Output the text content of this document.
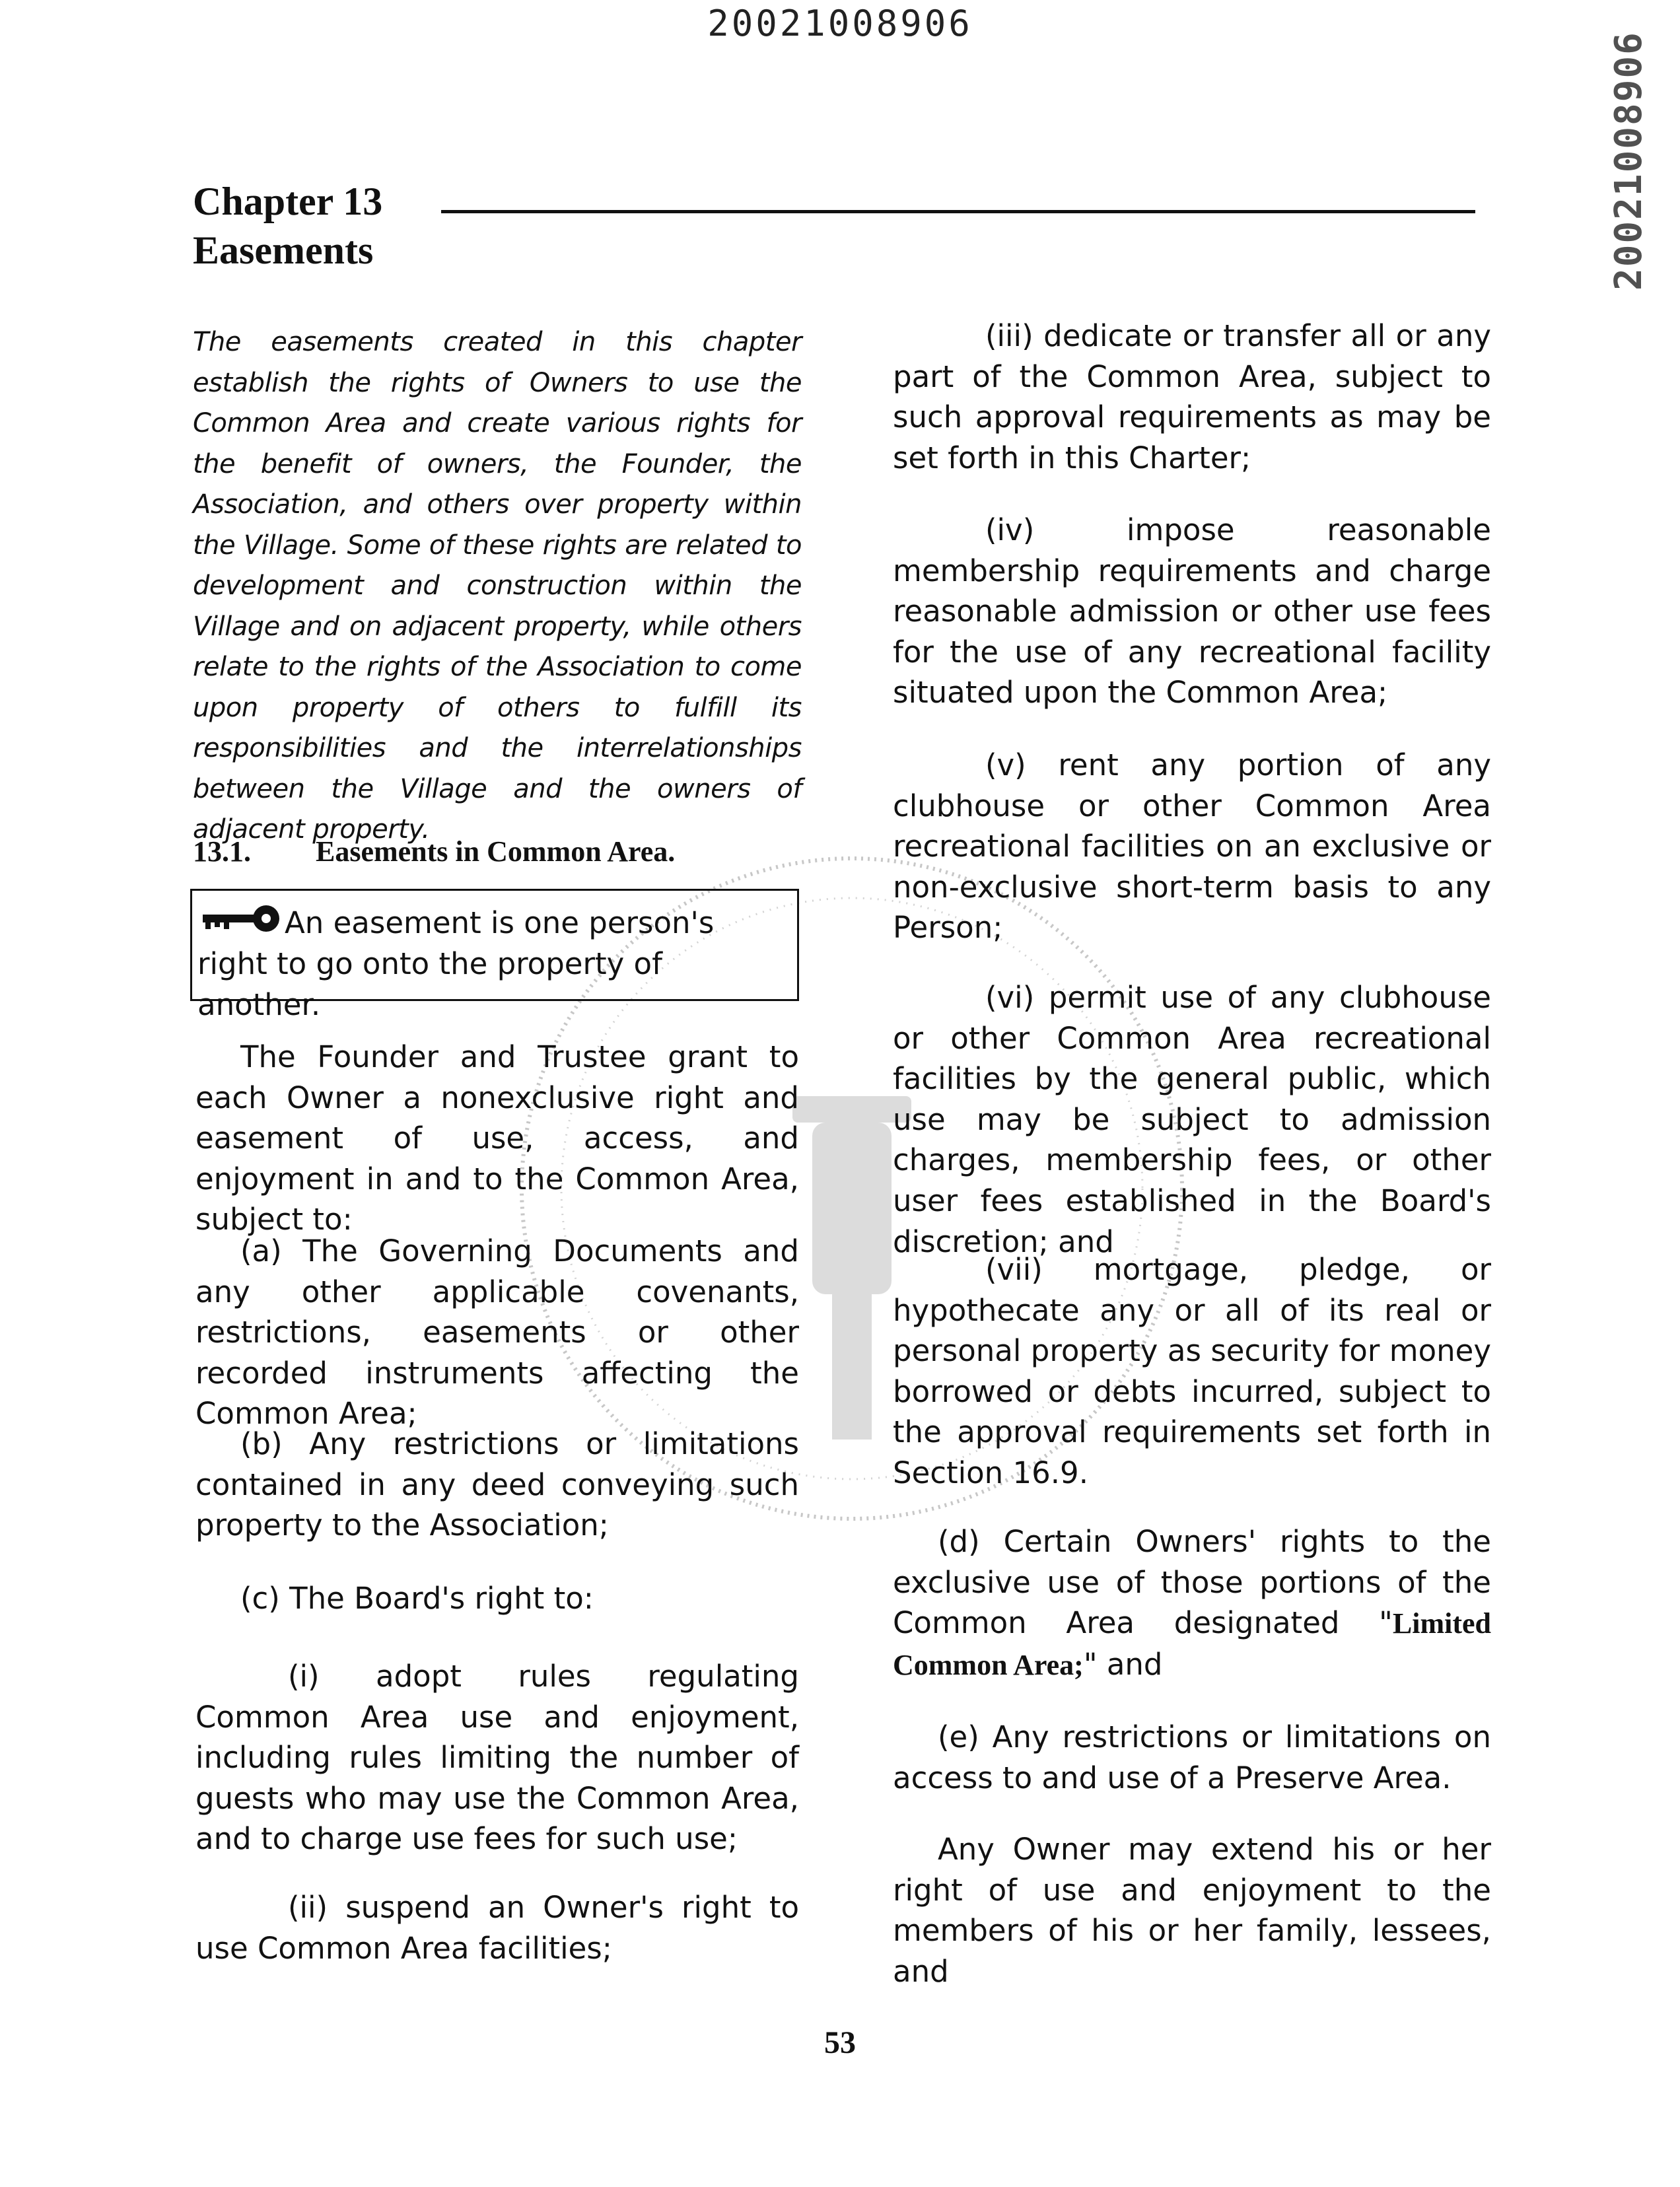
20021008906
20021008906
Chapter 13
Easements
The easements created in this chapter establish the rights of Owners to use the Common Area and create various rights for the benefit of owners, the Founder, the Association, and others over property within the Village. Some of these rights are related to development and construction within the Village and on adjacent property, while others relate to the rights of the Association to come upon property of others to fulfill its responsibilities and the interrelationships between the Village and the owners of adjacent property.
13.1. Easements in Common Area.
An easement is one person's right to go onto the property of another.

The Founder and Trustee grant to each Owner a nonexclusive right and easement of use, access, and enjoyment in and to the Common Area, subject to:

(a) The Governing Documents and any other applicable covenants, restrictions, easements or other recorded instruments affecting the Common Area;

(b) Any restrictions or limitations contained in any deed conveying such property to the Association;

(c) The Board's right to:

(i) adopt rules regulating Common Area use and enjoyment, including rules limiting the number of guests who may use the Common Area, and to charge use fees for such use;

(ii) suspend an Owner's right to use Common Area facilities;

(iii) dedicate or transfer all or any part of the Common Area, subject to such approval requirements as may be set forth in this Charter;

(iv) impose reasonable membership requirements and charge reasonable admission or other use fees for the use of any recreational facility situated upon the Common Area;

(v) rent any portion of any clubhouse or other Common Area recreational facilities on an exclusive or non-exclusive short-term basis to any Person;

(vi) permit use of any clubhouse or other Common Area recreational facilities by the general public, which use may be subject to admission charges, membership fees, or other user fees established in the Board's discretion; and

(vii) mortgage, pledge, or hypothecate any or all of its real or personal property as security for money borrowed or debts incurred, subject to the approval requirements set forth in Section 16.9.

(d) Certain Owners' rights to the exclusive use of those portions of the Common Area designated "Limited Common Area;" and

(e) Any restrictions or limitations on access to and use of a Preserve Area.

Any Owner may extend his or her right of use and enjoyment to the members of his or her family, lessees, and

53
